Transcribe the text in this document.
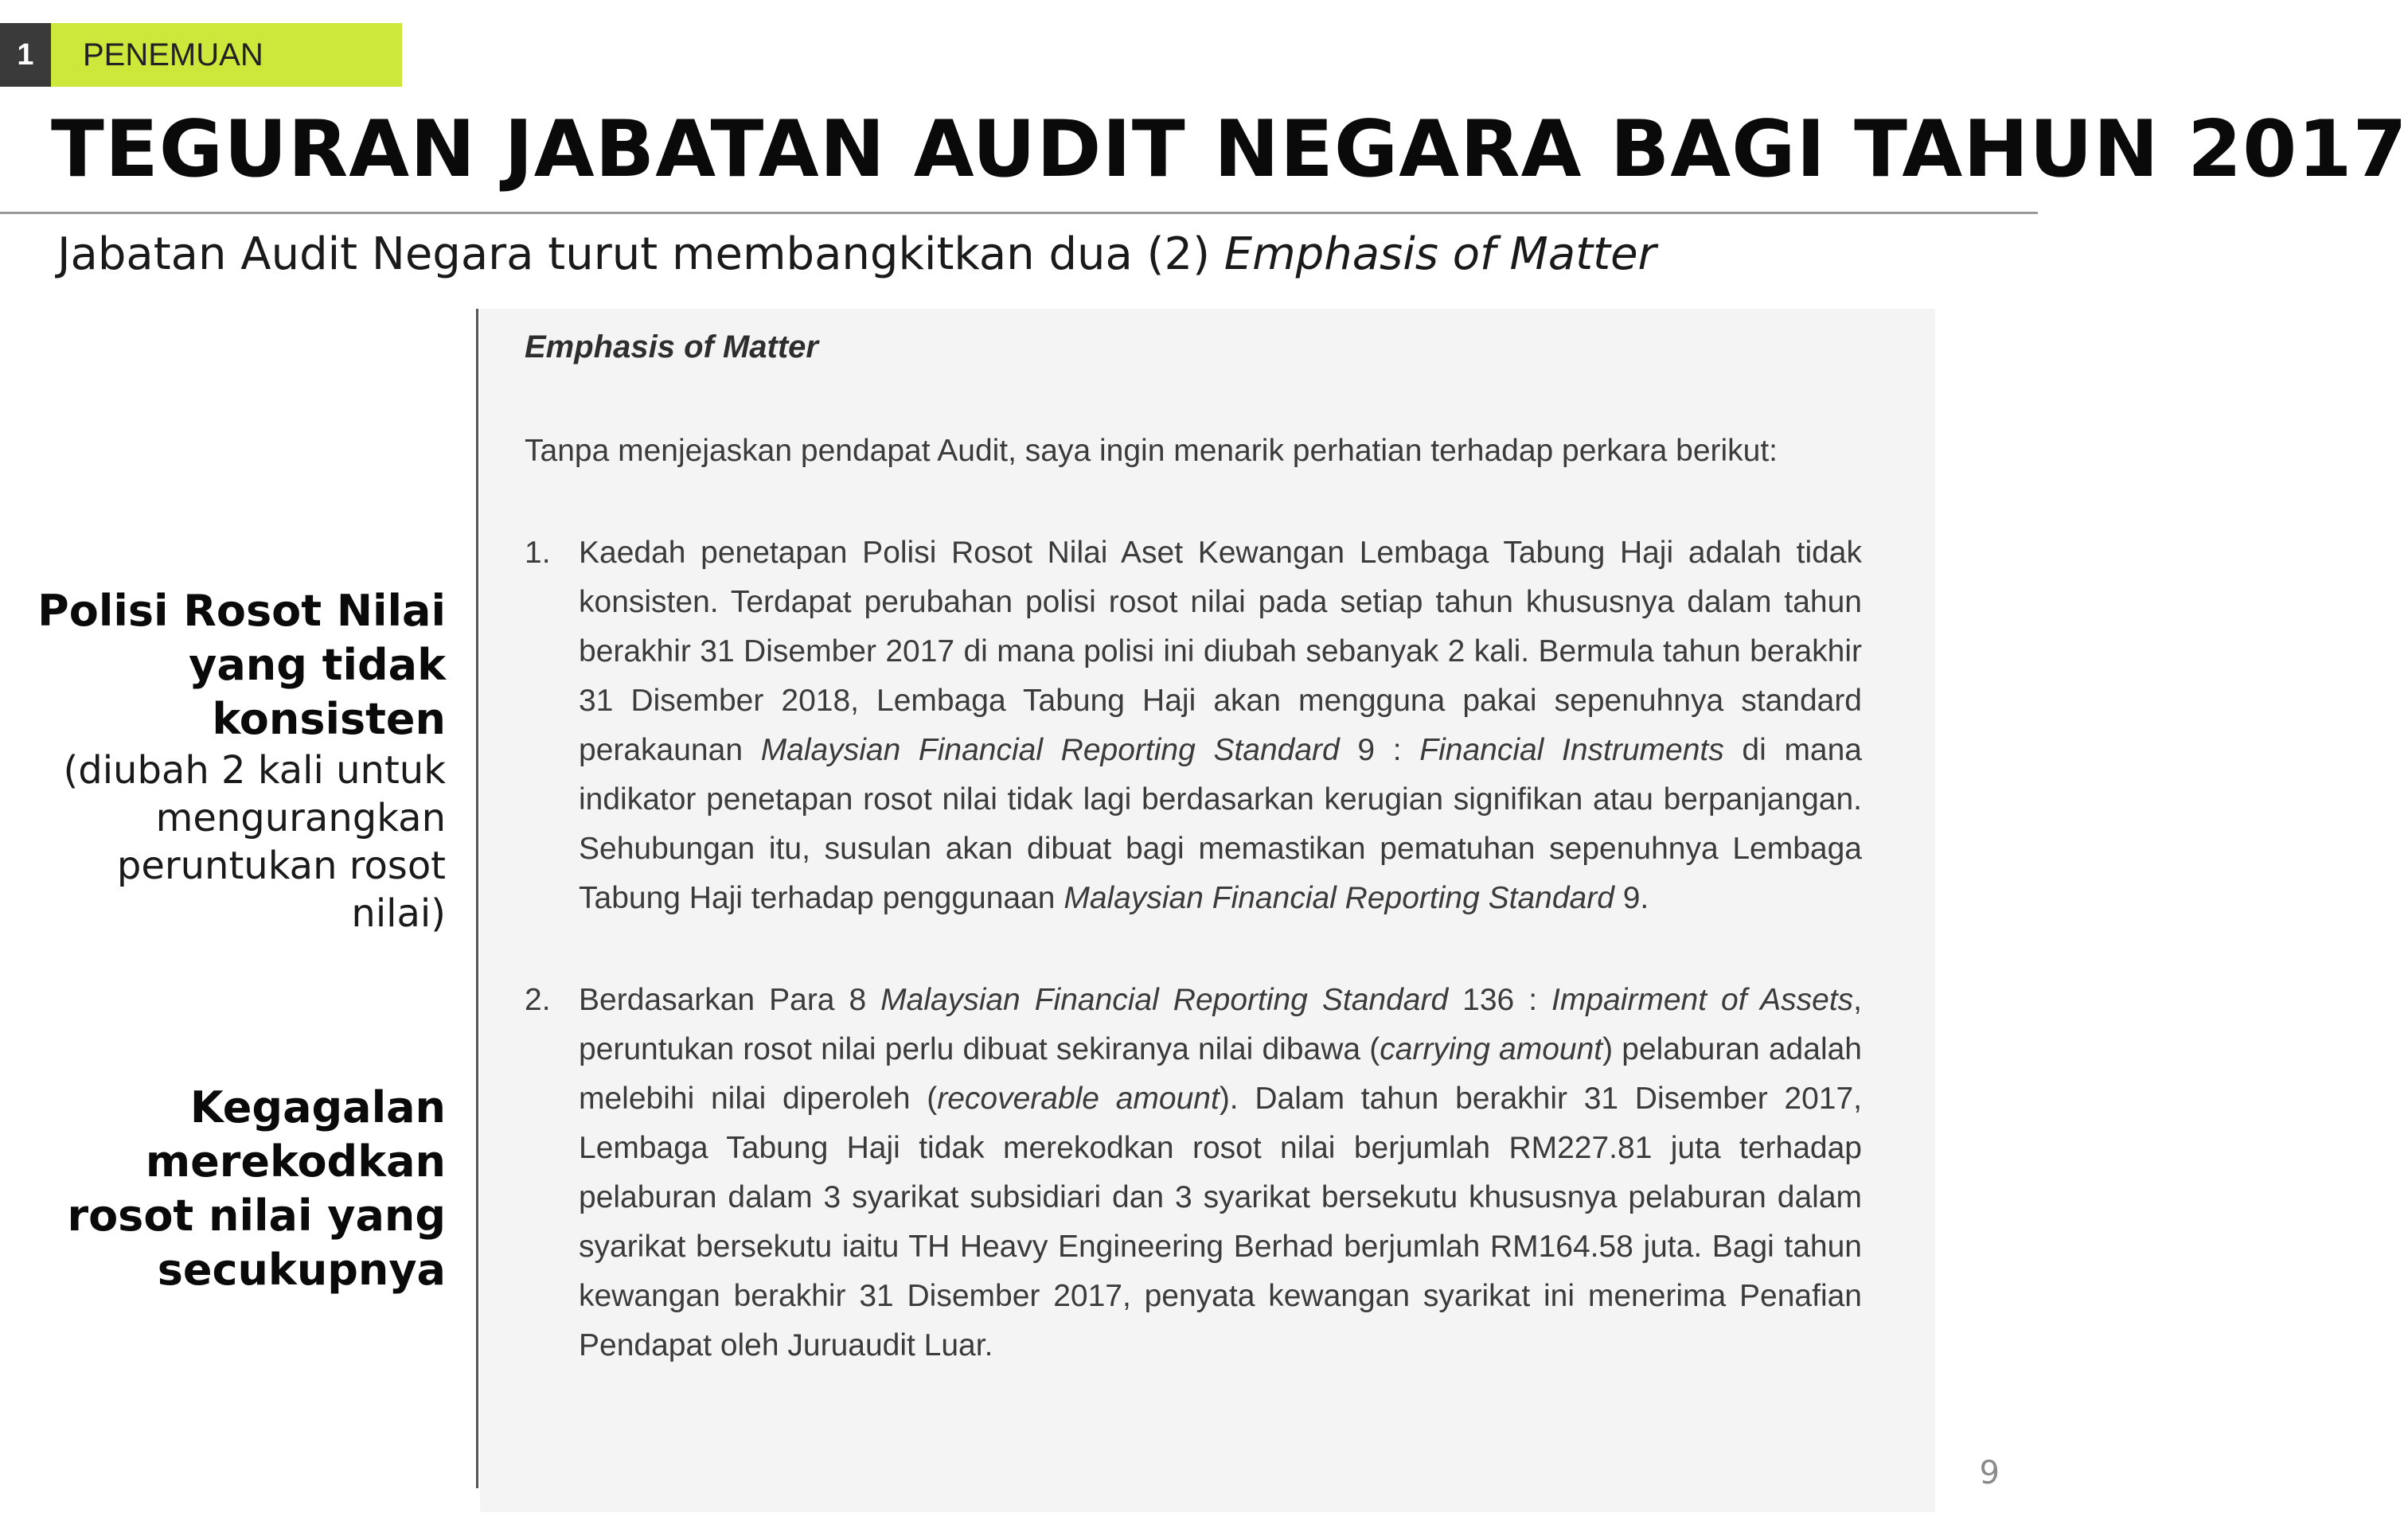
1	PENEMUAN
TEGURAN JABATAN AUDIT NEGARA BAGI TAHUN 2017
Jabatan Audit Negara turut membangkitkan dua (2) Emphasis of Matter

Polisi Rosot Nilai yang tidak konsisten

(diubah 2 kali untuk mengurangkan peruntukan rosot nilai)

Kegagalan merekodkan rosot nilai yang secukupnya

Emphasis of Matter

Tanpa menjejaskan pendapat Audit, saya ingin menarik perhatian terhadap perkara berikut:

1. Kaedah penetapan Polisi Rosot Nilai Aset Kewangan Lembaga Tabung Haji adalah tidak konsisten. Terdapat perubahan polisi rosot nilai pada setiap tahun khususnya dalam tahun berakhir 31 Disember 2017 di mana polisi ini diubah sebanyak 2 kali. Bermula tahun berakhir 31 Disember 2018, Lembaga Tabung Haji akan mengguna pakai sepenuhnya standard perakaunan Malaysian Financial Reporting Standard 9 : Financial Instruments di mana indikator penetapan rosot nilai tidak lagi berdasarkan kerugian signifikan atau berpanjangan. Sehubungan itu, susulan akan dibuat bagi memastikan pematuhan sepenuhnya Lembaga Tabung Haji terhadap penggunaan Malaysian Financial Reporting Standard 9.
2. Berdasarkan Para 8 Malaysian Financial Reporting Standard 136 : Impairment of Assets, peruntukan rosot nilai perlu dibuat sekiranya nilai dibawa (carrying amount) pelaburan adalah melebihi nilai diperoleh (recoverable amount). Dalam tahun berakhir 31 Disember 2017, Lembaga Tabung Haji tidak merekodkan rosot nilai berjumlah RM227.81 juta terhadap pelaburan dalam 3 syarikat subsidiari dan 3 syarikat bersekutu khususnya pelaburan dalam syarikat bersekutu iaitu TH Heavy Engineering Berhad berjumlah RM164.58 juta. Bagi tahun kewangan berakhir 31 Disember 2017, penyata kewangan syarikat ini menerima Penafian Pendapat oleh Juruaudit Luar.
9
